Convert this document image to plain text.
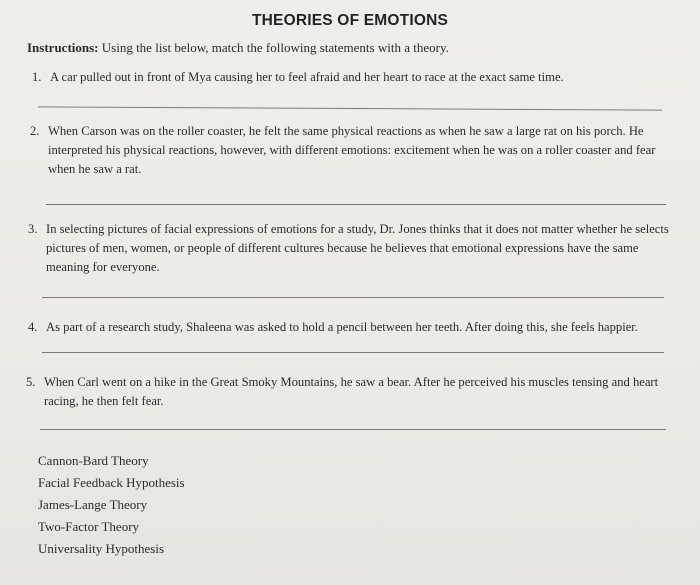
THEORIES OF EMOTIONS
Instructions: Using the list below, match the following statements with a theory.
1. A car pulled out in front of Mya causing her to feel afraid and her heart to race at the exact same time.
2. When Carson was on the roller coaster, he felt the same physical reactions as when he saw a large rat on his porch. He interpreted his physical reactions, however, with different emotions: excitement when he was on a roller coaster and fear when he saw a rat.
3. In selecting pictures of facial expressions of emotions for a study, Dr. Jones thinks that it does not matter whether he selects pictures of men, women, or people of different cultures because he believes that emotional expressions have the same meaning for everyone.
4. As part of a research study, Shaleena was asked to hold a pencil between her teeth. After doing this, she feels happier.
5. When Carl went on a hike in the Great Smoky Mountains, he saw a bear. After he perceived his muscles tensing and heart racing, he then felt fear.
Cannon-Bard Theory
Facial Feedback Hypothesis
James-Lange Theory
Two-Factor Theory
Universality Hypothesis
